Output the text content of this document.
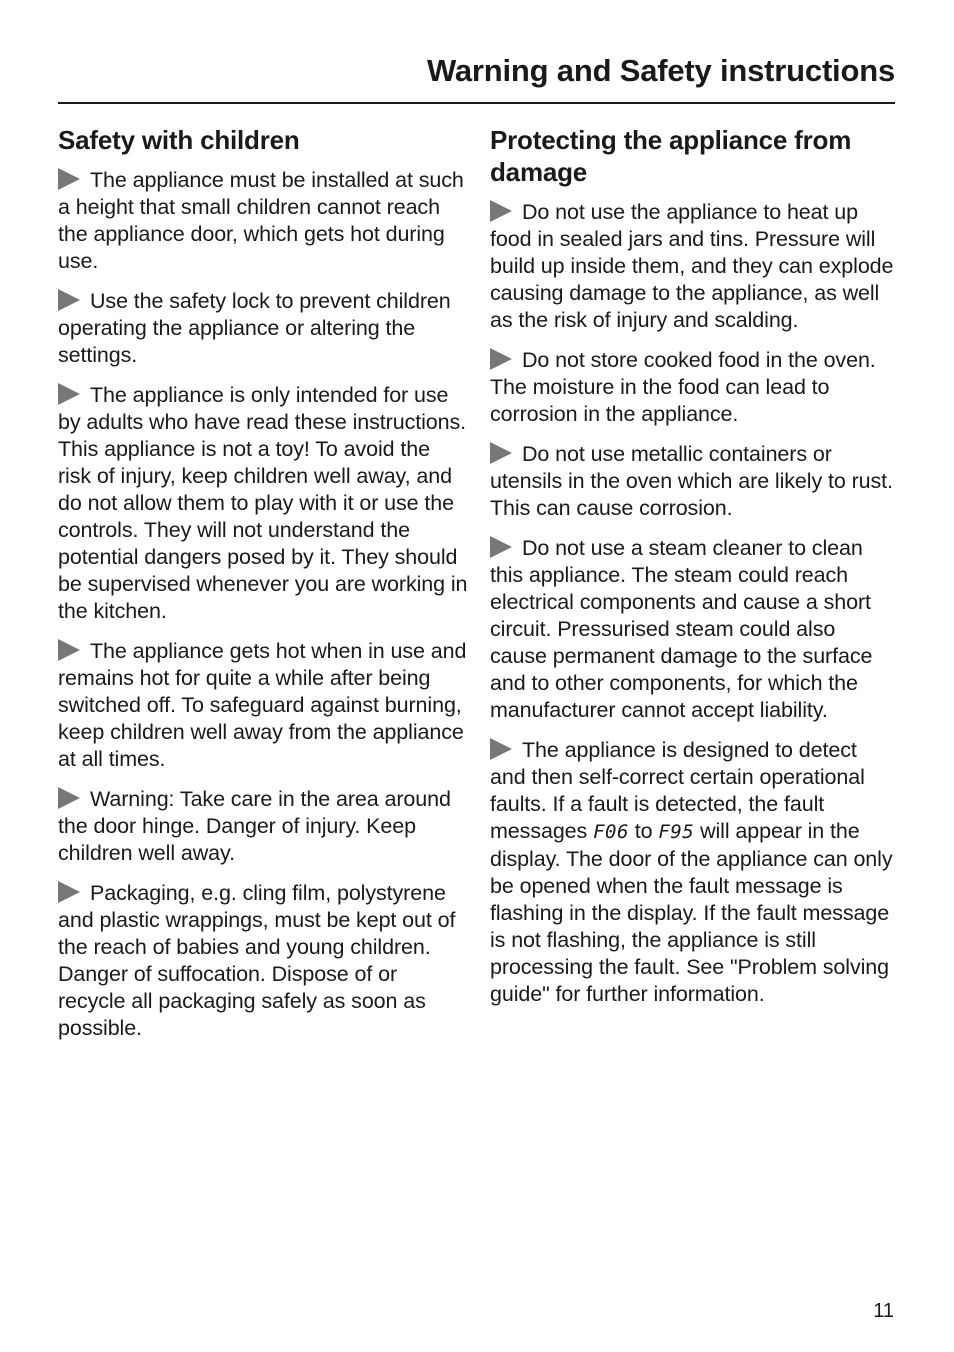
Warning and Safety instructions
Safety with children

The appliance must be installed at such a height that small children cannot reach the appliance door, which gets hot during use.

Use the safety lock to prevent children operating the appliance or altering the settings.

The appliance is only intended for use by adults who have read these instructions. This appliance is not a toy! To avoid the risk of injury, keep children well away, and do not allow them to play with it or use the controls. They will not understand the potential dangers posed by it. They should be supervised whenever you are working in the kitchen.

The appliance gets hot when in use and remains hot for quite a while after being switched off. To safeguard against burning, keep children well away from the appliance at all times.

Warning: Take care in the area around the door hinge. Danger of injury. Keep children well away.

Packaging, e.g. cling film, polystyrene and plastic wrappings, must be kept out of the reach of babies and young children. Danger of suffocation. Dispose of or recycle all packaging safely as soon as possible.

Protecting the appliance from damage

Do not use the appliance to heat up food in sealed jars and tins. Pressure will build up inside them, and they can explode causing damage to the appliance, as well as the risk of injury and scalding.

Do not store cooked food in the oven. The moisture in the food can lead to corrosion in the appliance.

Do not use metallic containers or utensils in the oven which are likely to rust. This can cause corrosion.

Do not use a steam cleaner to clean this appliance. The steam could reach electrical components and cause a short circuit. Pressurised steam could also cause permanent damage to the surface and to other components, for which the manufacturer cannot accept liability.

The appliance is designed to detect and then self-correct certain operational faults. If a fault is detected, the fault messages F06 to F95 will appear in the display. The door of the appliance can only be opened when the fault message is flashing in the display. If the fault message is not flashing, the appliance is still processing the fault. See "Problem solving guide" for further information.

11
